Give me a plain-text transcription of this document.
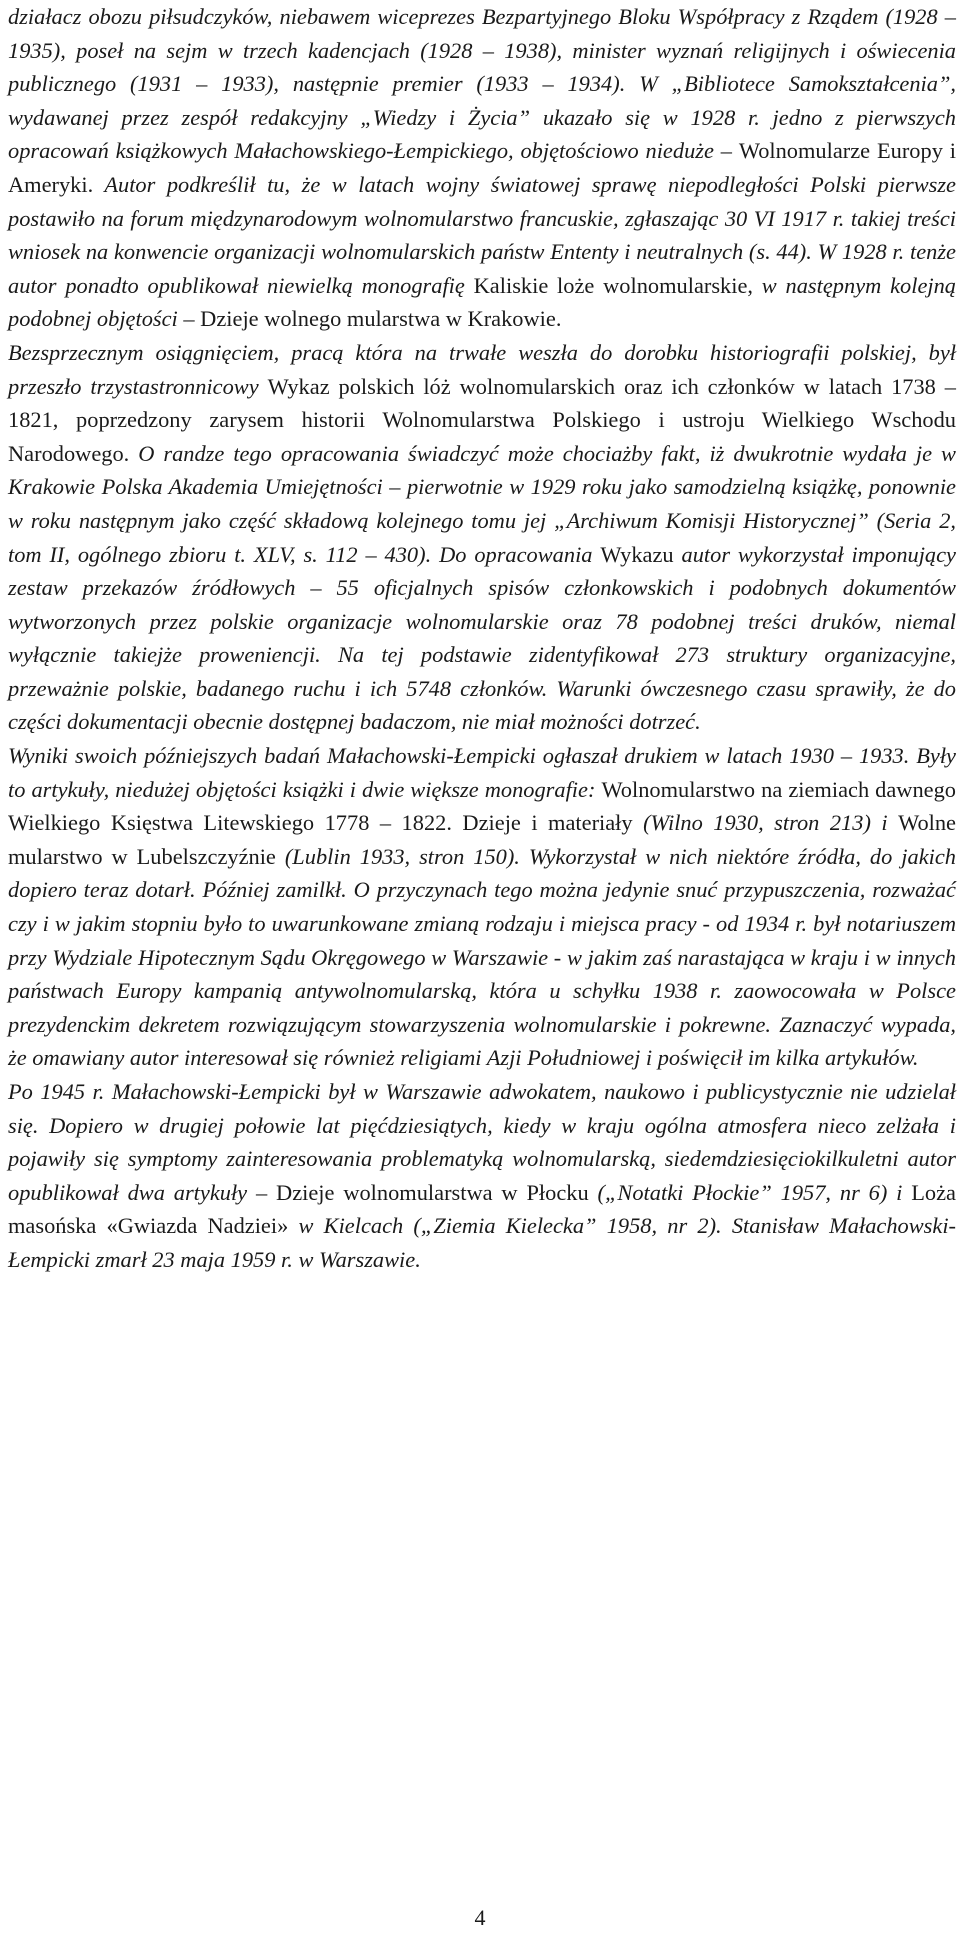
działacz obozu piłsudczyków, niebawem wiceprezes Bezpartyjnego Bloku Współpracy z Rządem (1928 – 1935), poseł na sejm w trzech kadencjach (1928 – 1938), minister wyznań religijnych i oświecenia publicznego (1931 – 1933), następnie premier (1933 – 1934). W „Bibliotece Samokształcenia”, wydawanej przez zespół redakcyjny „Wiedzy i Życia” ukazało się w 1928 r. jedno z pierwszych opracowań książkowych Małachowskiego-Łempickiego, objętościowo nieduże – Wolnomularze Europy i Ameryki. Autor podkreślił tu, że w latach wojny światowej sprawę niepodległości Polski pierwsze postawiło na forum międzynarodowym wolnomularstwo francuskie, zgłaszając 30 VI 1917 r. takiej treści wniosek na konwencie organizacji wolnomularskich państw Ententy i neutralnych (s. 44). W 1928 r. tenże autor ponadto opublikował niewielką monografię Kaliskie loże wolnomularskie, w następnym kolejną podobnej objętości – Dzieje wolnego mularstwa w Krakowie.

Bezsprzecznym osiągnięciem, pracą która na trwałe weszła do dorobku historiografii polskiej, był przeszło trzystastronnicowy Wykaz polskich lóż wolnomularskich oraz ich członków w latach 1738 – 1821, poprzedzony zarysem historii Wolnomularstwa Polskiego i ustroju Wielkiego Wschodu Narodowego. O randze tego opracowania świadczyć może chociażby fakt, iż dwukrotnie wydała je w Krakowie Polska Akademia Umiejętności – pierwotnie w 1929 roku jako samodzielną książkę, ponownie w roku następnym jako część składową kolejnego tomu jej „Archiwum Komisji Historycznej” (Seria 2, tom II, ogólnego zbioru t. XLV, s. 112 – 430). Do opracowania Wykazu autor wykorzystał imponujący zestaw przekazów źródłowych – 55 oficjalnych spisów członkowskich i podobnych dokumentów wytworzonych przez polskie organizacje wolnomularskie oraz 78 podobnej treści druków, niemal wyłącznie takiejże proweniencji. Na tej podstawie zidentyfikował 273 struktury organizacyjne, przeważnie polskie, badanego ruchu i ich 5748 członków. Warunki ówczesnego czasu sprawiły, że do części dokumentacji obecnie dostępnej badaczom, nie miał możności dotrzeć.

Wyniki swoich późniejszych badań Małachowski-Łempicki ogłaszał drukiem w latach 1930 – 1933. Były to artykuły, niedużej objętości książki i dwie większe monografie: Wolnomularstwo na ziemiach dawnego Wielkiego Księstwa Litewskiego 1778 – 1822. Dzieje i materiały (Wilno 1930, stron 213) i Wolne mularstwo w Lubelszczyźnie (Lublin 1933, stron 150). Wykorzystał w nich niektóre źródła, do jakich dopiero teraz dotarł. Później zamilkł. O przyczynach tego można jedynie snuć przypuszczenia, rozważać czy i w jakim stopniu było to uwarunkowane zmianą rodzaju i miejsca pracy - od 1934 r. był notariuszem przy Wydziale Hipotecznym Sądu Okręgowego w Warszawie - w jakim zaś narastająca w kraju i w innych państwach Europy kampanią antywolnomularską, która u schyłku 1938 r. zaowocowała w Polsce prezydenckim dekretem rozwiązującym stowarzyszenia wolnomularskie i pokrewne. Zaznaczyć wypada, że omawiany autor interesował się również religiami Azji Południowej i poświęcił im kilka artykułów.

Po 1945 r. Małachowski-Łempicki był w Warszawie adwokatem, naukowo i publicystycznie nie udzielał się. Dopiero w drugiej połowie lat pięćdziesiątych, kiedy w kraju ogólna atmosfera nieco zelżała i pojawiły się symptomy zainteresowania problematyką wolnomularską, siedemdziesięciokilkuletni autor opublikował dwa artykuły – Dzieje wolnomularstwa w Płocku („Notatki Płockie” 1957, nr 6) i Loża masońska «Gwiazda Nadziei» w Kielcach („Ziemia Kielecka” 1958, nr 2). Stanisław Małachowski-Łempicki zmarł 23 maja 1959 r. w Warszawie.

4
